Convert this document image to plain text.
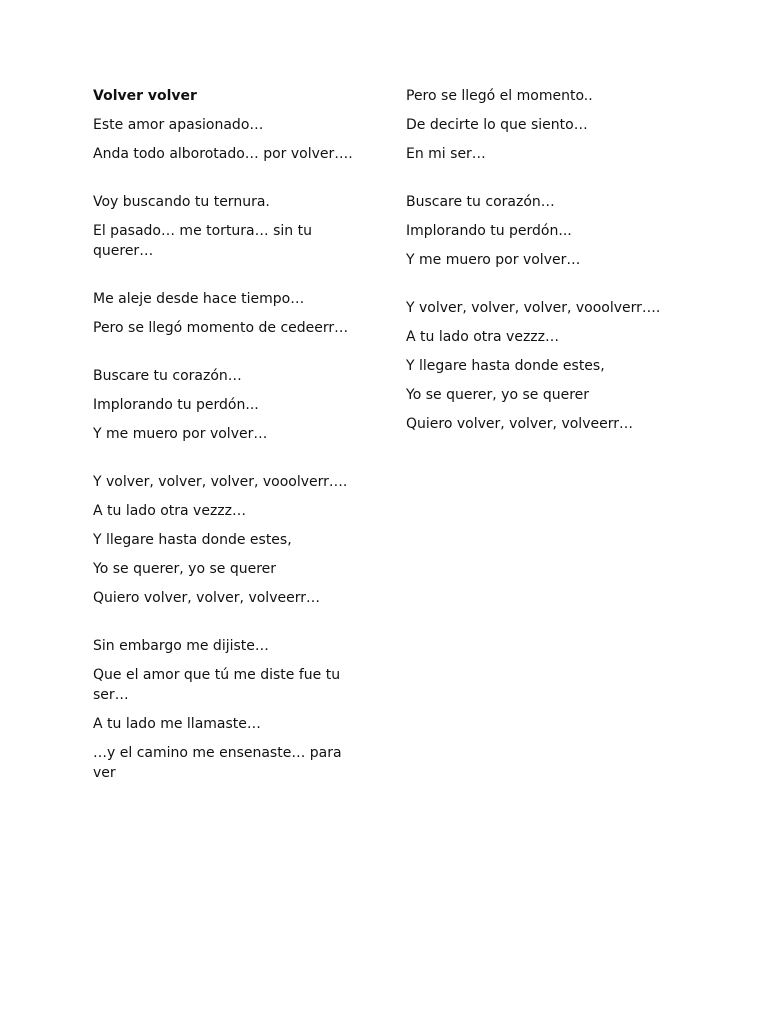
Volver volver
Este amor apasionado…
Anda todo alborotado… por volver….
Voy buscando tu ternura.
El pasado… me tortura… sin tu querer…
Me aleje desde hace tiempo…
Pero se llegó momento de cedeerr…
Buscare tu corazón…
Implorando tu perdón...
Y me muero por volver…
Y volver, volver, volver, vooolverr….
A tu lado otra vezzz…
Y llegare hasta donde estes,
Yo se querer, yo se querer
Quiero volver, volver, volveerr…
Sin embargo me dijiste…
Que el amor que tú me diste fue tu ser…
A tu lado me llamaste…
…y el camino me ensenaste… para ver
Pero se llegó el momento..
De decirte lo que siento…
En mi ser…
Buscare tu corazón…
Implorando tu perdón...
Y me muero por volver…
Y volver, volver, volver, vooolverr….
A tu lado otra vezzz…
Y llegare hasta donde estes,
Yo se querer, yo se querer
Quiero volver, volver, volveerr…
